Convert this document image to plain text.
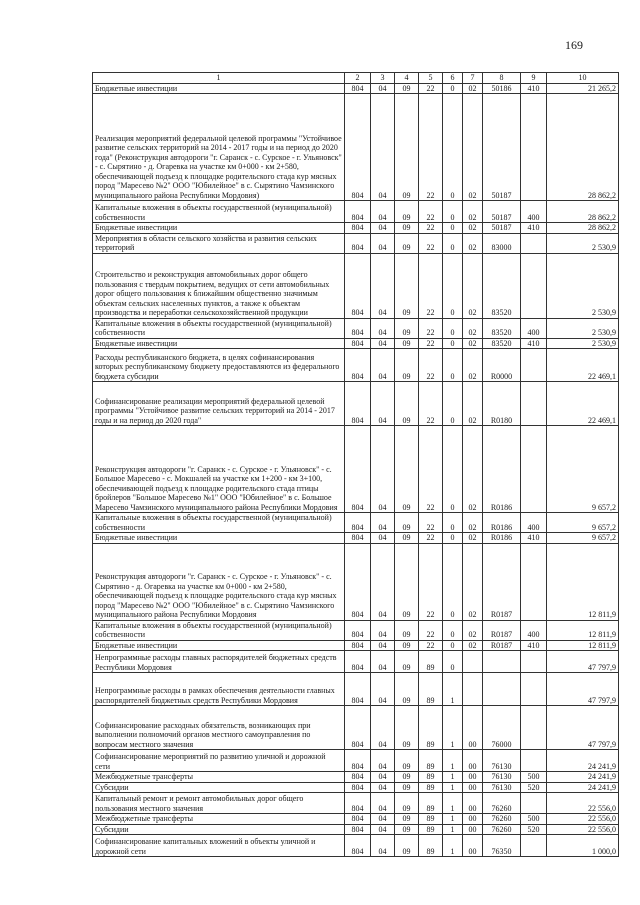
169
1	2	3	4	5	6	7	8	9	10
Бюджетные инвестиции	804	04	09	22	0	02	50186	410	21 265,2
Реализация мероприятий федеральной целевой программы "Устойчивое развитие сельских территорий на 2014 - 2017 годы и на период до 2020 года" (Реконструкция автодороги "г. Саранск - с. Сурское - г. Ульяновск" - с. Сырятино - д. Огаревка на участке км 0+000 - км 2+580, обеспечивающей подъезд к площадке родительского стада кур мясных пород "Маресево №2" ООО "Юбилейное" в с. Сырятино Чамзинского муниципального района Республики Мордовия)	804	04	09	22	0	02	50187		28 862,2
Капитальные вложения в объекты государственной (муниципальной) собственности	804	04	09	22	0	02	50187	400	28 862,2
Бюджетные инвестиции	804	04	09	22	0	02	50187	410	28 862,2
Мероприятия в области сельского хозяйства и развития сельских территорий	804	04	09	22	0	02	83000		2 530,9
Строительство и реконструкция автомобильных дорог общего пользования с твердым покрытием, ведущих от сети автомобильных дорог общего пользования к ближайшим общественно значимым объектам сельских населенных пунктов, а также к объектам производства и переработки сельскохозяйственной продукции	804	04	09	22	0	02	83520		2 530,9
Капитальные вложения в объекты государственной (муниципальной) собственности	804	04	09	22	0	02	83520	400	2 530,9
Бюджетные инвестиции	804	04	09	22	0	02	83520	410	2 530,9
Расходы республиканского бюджета, в целях софинансирования которых республиканскому бюджету предоставляются из федерального бюджета субсидии	804	04	09	22	0	02	R0000		22 469,1
Софинансирование реализации мероприятий федеральной целевой программы "Устойчивое развитие сельских территорий на 2014 - 2017 годы и на период до 2020 года"	804	04	09	22	0	02	R0180		22 469,1
Реконструкция автодороги "г. Саранск - с. Сурское - г. Ульяновск" - с. Большое Маресево - с. Мокшалей на участке км 1+200 - км 3+100, обеспечивающей подъезд к площадке родительского стада птицы бройлеров "Большое Маресево №1" ООО "Юбилейное" в с. Большое Маресево Чамзинского муниципального района Республики Мордовия	804	04	09	22	0	02	R0186		9 657,2
Капитальные вложения в объекты государственной (муниципальной) собственности	804	04	09	22	0	02	R0186	400	9 657,2
Бюджетные инвестиции	804	04	09	22	0	02	R0186	410	9 657,2
Реконструкция автодороги "г. Саранск - с. Сурское - г. Ульяновск" - с. Сырятино - д. Огаревка на участке км 0+000 - км 2+580, обеспечивающей подъезд к площадке родительского стада кур мясных пород "Маресево №2" ООО "Юбилейное" в с. Сырятино Чамзинского муниципального района Республики Мордовия	804	04	09	22	0	02	R0187		12 811,9
Капитальные вложения в объекты государственной (муниципальной) собственности	804	04	09	22	0	02	R0187	400	12 811,9
Бюджетные инвестиции	804	04	09	22	0	02	R0187	410	12 811,9
Непрограммные расходы главных распорядителей бюджетных средств Республики Мордовия	804	04	09	89	0				47 797,9
Непрограммные расходы в рамках обеспечения деятельности главных распорядителей бюджетных средств Республики Мордовия	804	04	09	89	1				47 797,9
Софинансирование расходных обязательств, возникающих при выполнении полномочий органов местного самоуправления по вопросам местного значения	804	04	09	89	1	00	76000		47 797,9
Софинансирование мероприятий по развитию уличной и дорожной сети	804	04	09	89	1	00	76130		24 241,9
Межбюджетные трансферты	804	04	09	89	1	00	76130	500	24 241,9
Субсидии	804	04	09	89	1	00	76130	520	24 241,9
Капитальный ремонт и ремонт автомобильных дорог общего пользования местного значения	804	04	09	89	1	00	76260		22 556,0
Межбюджетные трансферты	804	04	09	89	1	00	76260	500	22 556,0
Субсидии	804	04	09	89	1	00	76260	520	22 556,0
Софинансирование капитальных вложений в объекты уличной и дорожной сети	804	04	09	89	1	00	76350		1 000,0
